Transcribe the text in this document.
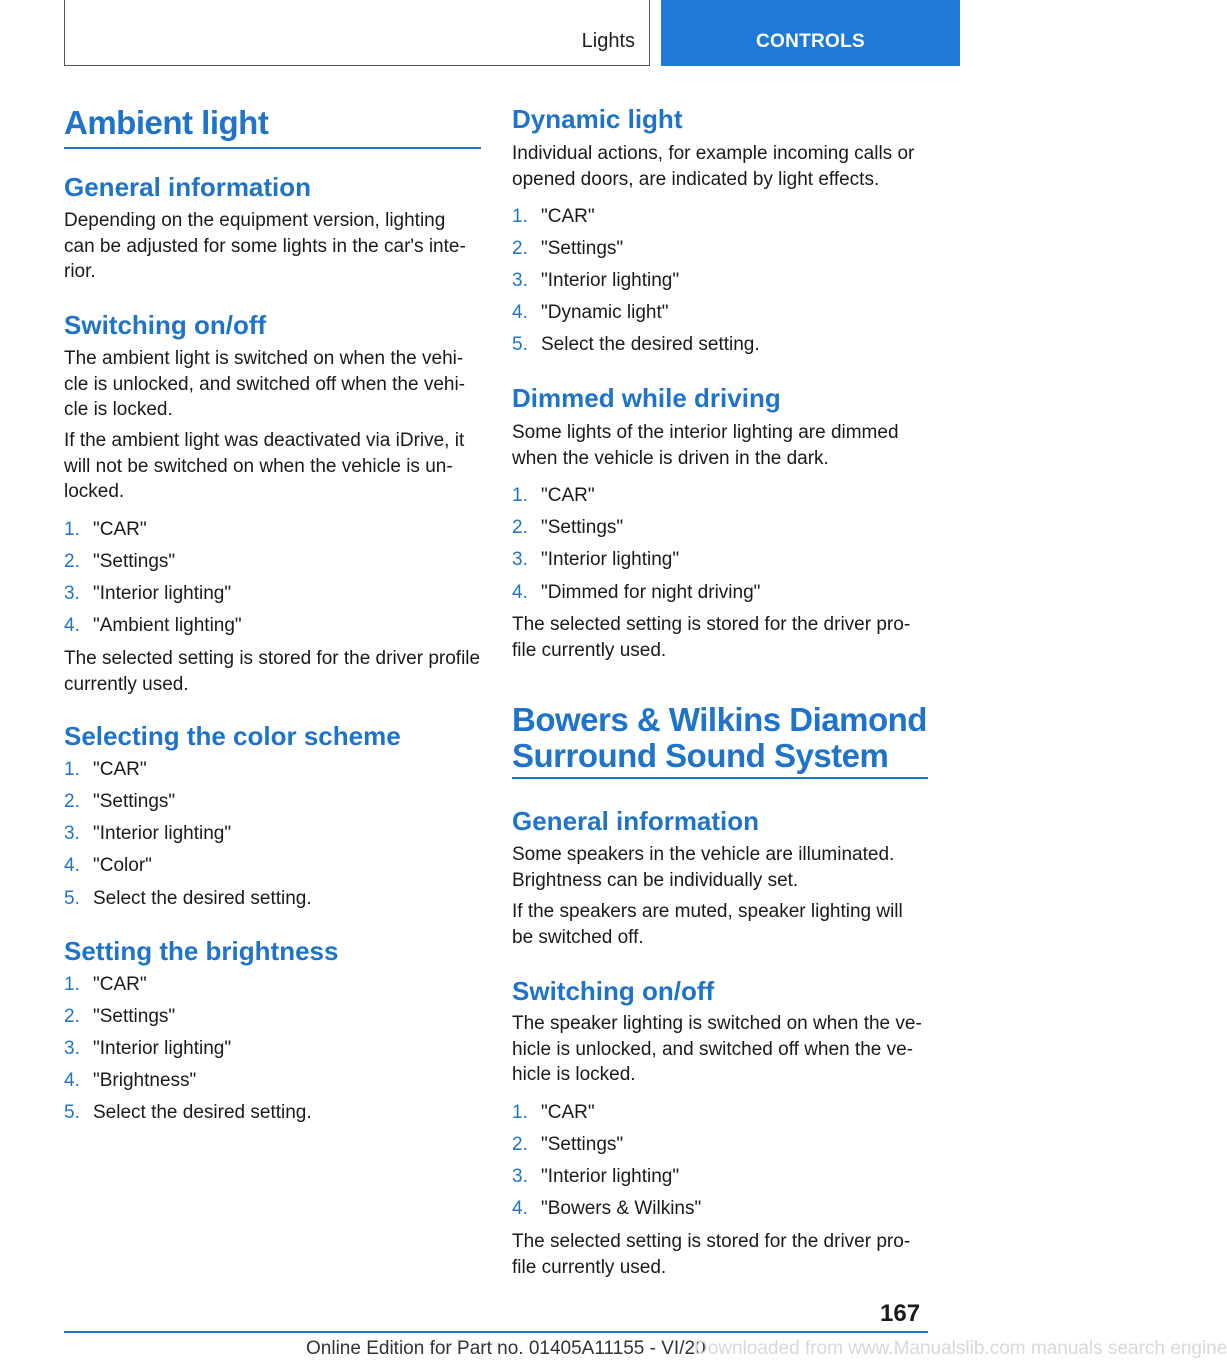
Lights	CONTROLS
Ambient light
General information
Depending on the equipment version, lighting can be adjusted for some lights in the car's interior.
Switching on/off
The ambient light is switched on when the vehicle is unlocked, and switched off when the vehicle is locked.
If the ambient light was deactivated via iDrive, it will not be switched on when the vehicle is unlocked.
1. "CAR"
2. "Settings"
3. "Interior lighting"
4. "Ambient lighting"
The selected setting is stored for the driver profile currently used.
Selecting the color scheme
1. "CAR"
2. "Settings"
3. "Interior lighting"
4. "Color"
5. Select the desired setting.
Setting the brightness
1. "CAR"
2. "Settings"
3. "Interior lighting"
4. "Brightness"
5. Select the desired setting.
Dynamic light
Individual actions, for example incoming calls or opened doors, are indicated by light effects.
1. "CAR"
2. "Settings"
3. "Interior lighting"
4. "Dynamic light"
5. Select the desired setting.
Dimmed while driving
Some lights of the interior lighting are dimmed when the vehicle is driven in the dark.
1. "CAR"
2. "Settings"
3. "Interior lighting"
4. "Dimmed for night driving"
The selected setting is stored for the driver profile currently used.
Bowers & Wilkins Diamond
Surround Sound System
General information
Some speakers in the vehicle are illuminated. Brightness can be individually set.
If the speakers are muted, speaker lighting will be switched off.
Switching on/off
The speaker lighting is switched on when the vehicle is unlocked, and switched off when the vehicle is locked.
1. "CAR"
2. "Settings"
3. "Interior lighting"
4. "Bowers & Wilkins"
The selected setting is stored for the driver profile currently used.
167
Online Edition for Part no. 01405A11155 - VI/20
Downloaded from www.Manualslib.com manuals search engine
